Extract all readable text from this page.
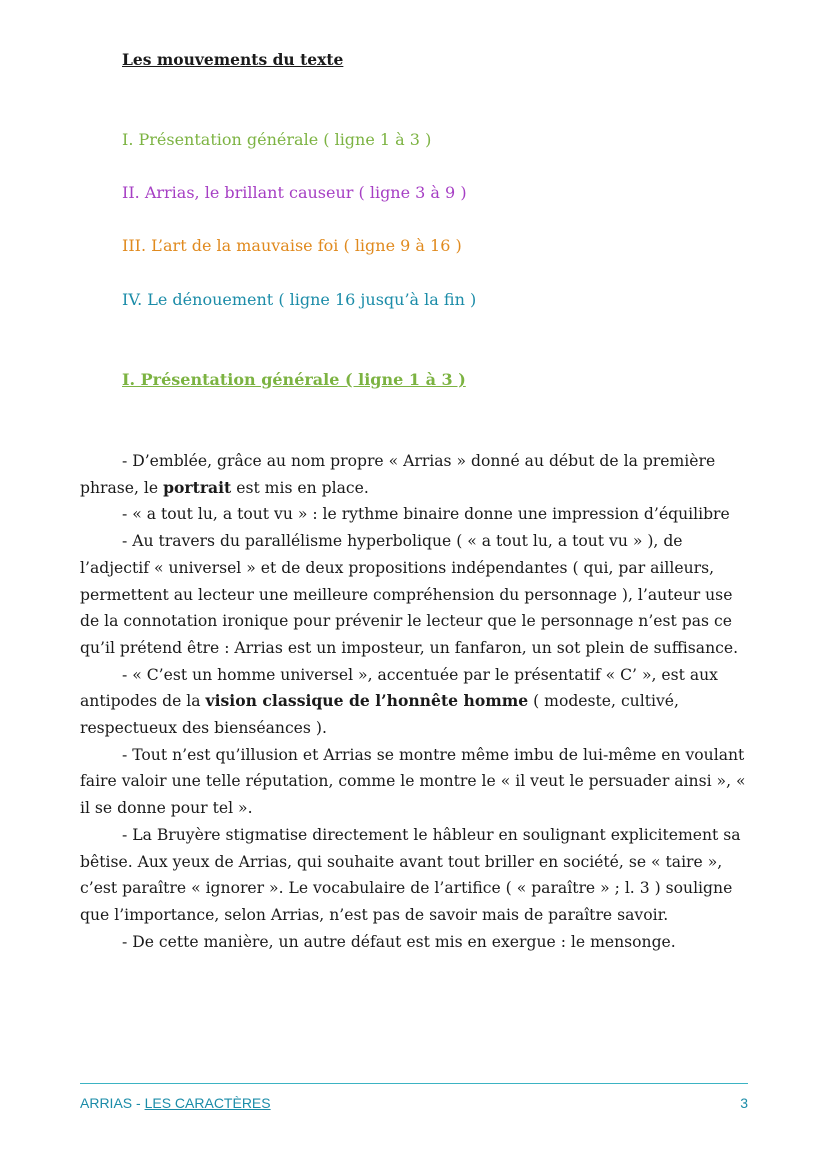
Les mouvements du texte
I. Présentation générale ( ligne 1 à 3 )
II. Arrias, le brillant causeur ( ligne 3 à 9 )
III. L’art de la mauvaise foi ( ligne 9 à 16 )
IV. Le dénouement ( ligne 16 jusqu’à la fin )
I. Présentation générale ( ligne 1 à 3 )

- D’emblée, grâce au nom propre « Arrias » donné au début de la première phrase, le portrait est mis en place.

- « a tout lu, a tout vu » : le rythme binaire donne une impression d’équilibre

- Au travers du parallélisme hyperbolique ( « a tout lu, a tout vu » ), de l’adjectif « universel » et de deux propositions indépendantes ( qui, par ailleurs, permettent au lecteur une meilleure compréhension du personnage ), l’auteur use de la connotation ironique pour prévenir le lecteur que le personnage n’est pas ce qu’il prétend être : Arrias est un imposteur, un fanfaron, un sot plein de suffisance.

- « C’est un homme universel », accentuée par le présentatif « C’ », est aux antipodes de la vision classique de l’honnête homme ( modeste, cultivé, respectueux des bienséances ).

- Tout n’est qu’illusion et Arrias se montre même imbu de lui-même en voulant faire valoir une telle réputation, comme le montre le « il veut le persuader ainsi », « il se donne pour tel ».

- La Bruyère stigmatise directement le hâbleur en soulignant explicitement sa bêtise. Aux yeux de Arrias, qui souhaite avant tout briller en société, se « taire », c’est paraître « ignorer ». Le vocabulaire de l’artifice ( « paraître » ; l. 3 ) souligne que l’importance, selon Arrias, n’est pas de savoir mais de paraître savoir.

- De cette manière, un autre défaut est mis en exergue : le mensonge.

ARRIAS - LES CARACTÈRES	3
